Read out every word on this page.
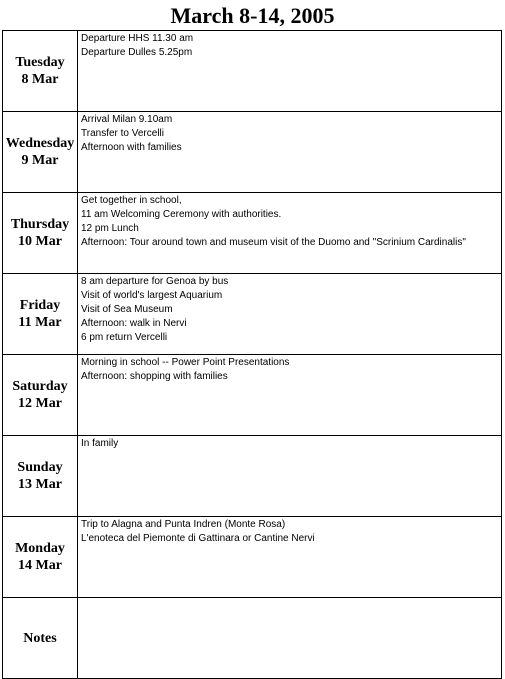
March 8-14, 2005
Tuesday
8 Mar	Departure HHS 11.30 am
Departure Dulles 5.25pm

Wednesday
9 Mar	Arrival Milan 9.10am
Transfer to Vercelli
Afternoon with families

Thursday
10 Mar	Get together in school,
11 am Welcoming Ceremony with authorities.
12 pm Lunch
Afternoon: Tour around town and museum visit of the Duomo and "Scrinium Cardinalis"

Friday
11 Mar	8 am departure for Genoa by bus
Visit of world's largest Aquarium
Visit of Sea Museum
Afternoon: walk in Nervi
6 pm return Vercelli

Saturday
12 Mar	Morning in school -- Power Point Presentations
Afternoon: shopping with families

Sunday
13 Mar	In family

Monday
14 Mar	Trip to Alagna and Punta Indren (Monte Rosa)
L'enoteca del Piemonte di Gattinara or Cantine Nervi

Notes	
